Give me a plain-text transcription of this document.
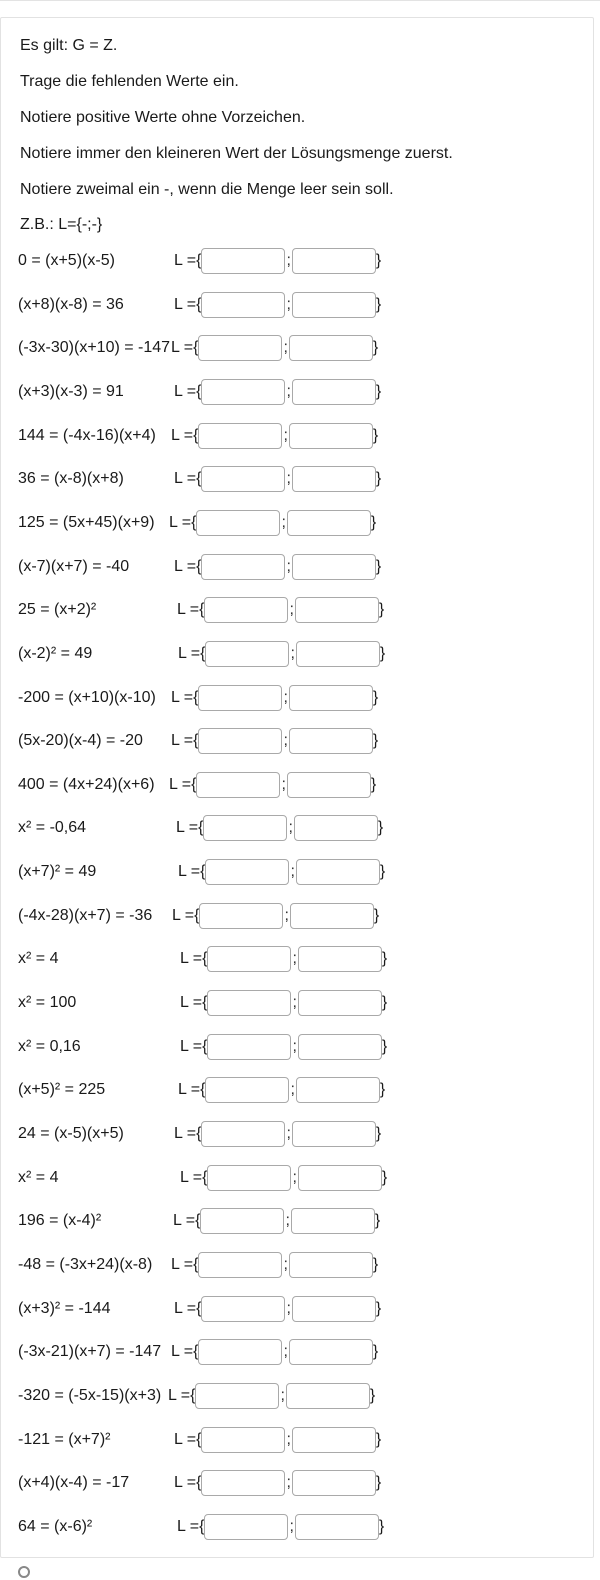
Es gilt: G = Z.

Trage die fehlenden Werte ein.

Notiere positive Werte ohne Vorzeichen.

Notiere immer den kleineren Wert der Lösungsmenge zuerst.

Notiere zweimal ein -, wenn die Menge leer sein soll.

Z.B.: L={-;-}

0 = (x+5)(x-5)	L ={	;	}
(x+8)(x-8) = 36	L ={	;	}
(-3x-30)(x+10) = -147 L ={	;	}
(x+3)(x-3) = 91	L ={	;	}
144 = (-4x-16)(x+4) L ={	;	}
36 = (x-8)(x+8)	L ={	;	}
125 = (5x+45)(x+9) L ={	;	}
(x-7)(x+7) = -40	L ={	;	}
25 = (x+2)²	L ={	;	}
(x-2)² = 49	L ={	;	}
-200 = (x+10)(x-10) L ={	;	}
(5x-20)(x-4) = -20 L ={	;	}
400 = (4x+24)(x+6) L ={	;	}
x² = -0,64	L ={	;	}
(x+7)² = 49	L ={	;	}
(-4x-28)(x+7) = -36 L ={	;	}
x² = 4	L ={	;	}
x² = 100	L ={	;	}
x² = 0,16	L ={	;	}
(x+5)² = 225	L ={	;	}
24 = (x-5)(x+5)	L ={	;	}
x² = 4	L ={	;	}
196 = (x-4)²	L ={	;	}
-48 = (-3x+24)(x-8) L ={	;	}
(x+3)² = -144	L ={	;	}
(-3x-21)(x+7) = -147 L ={	;	}
-320 = (-5x-15)(x+3) L ={	;	}
-121 = (x+7)²	L ={	;	}
(x+4)(x-4) = -17	L ={	;	}
64 = (x-6)²	L ={	;	}
